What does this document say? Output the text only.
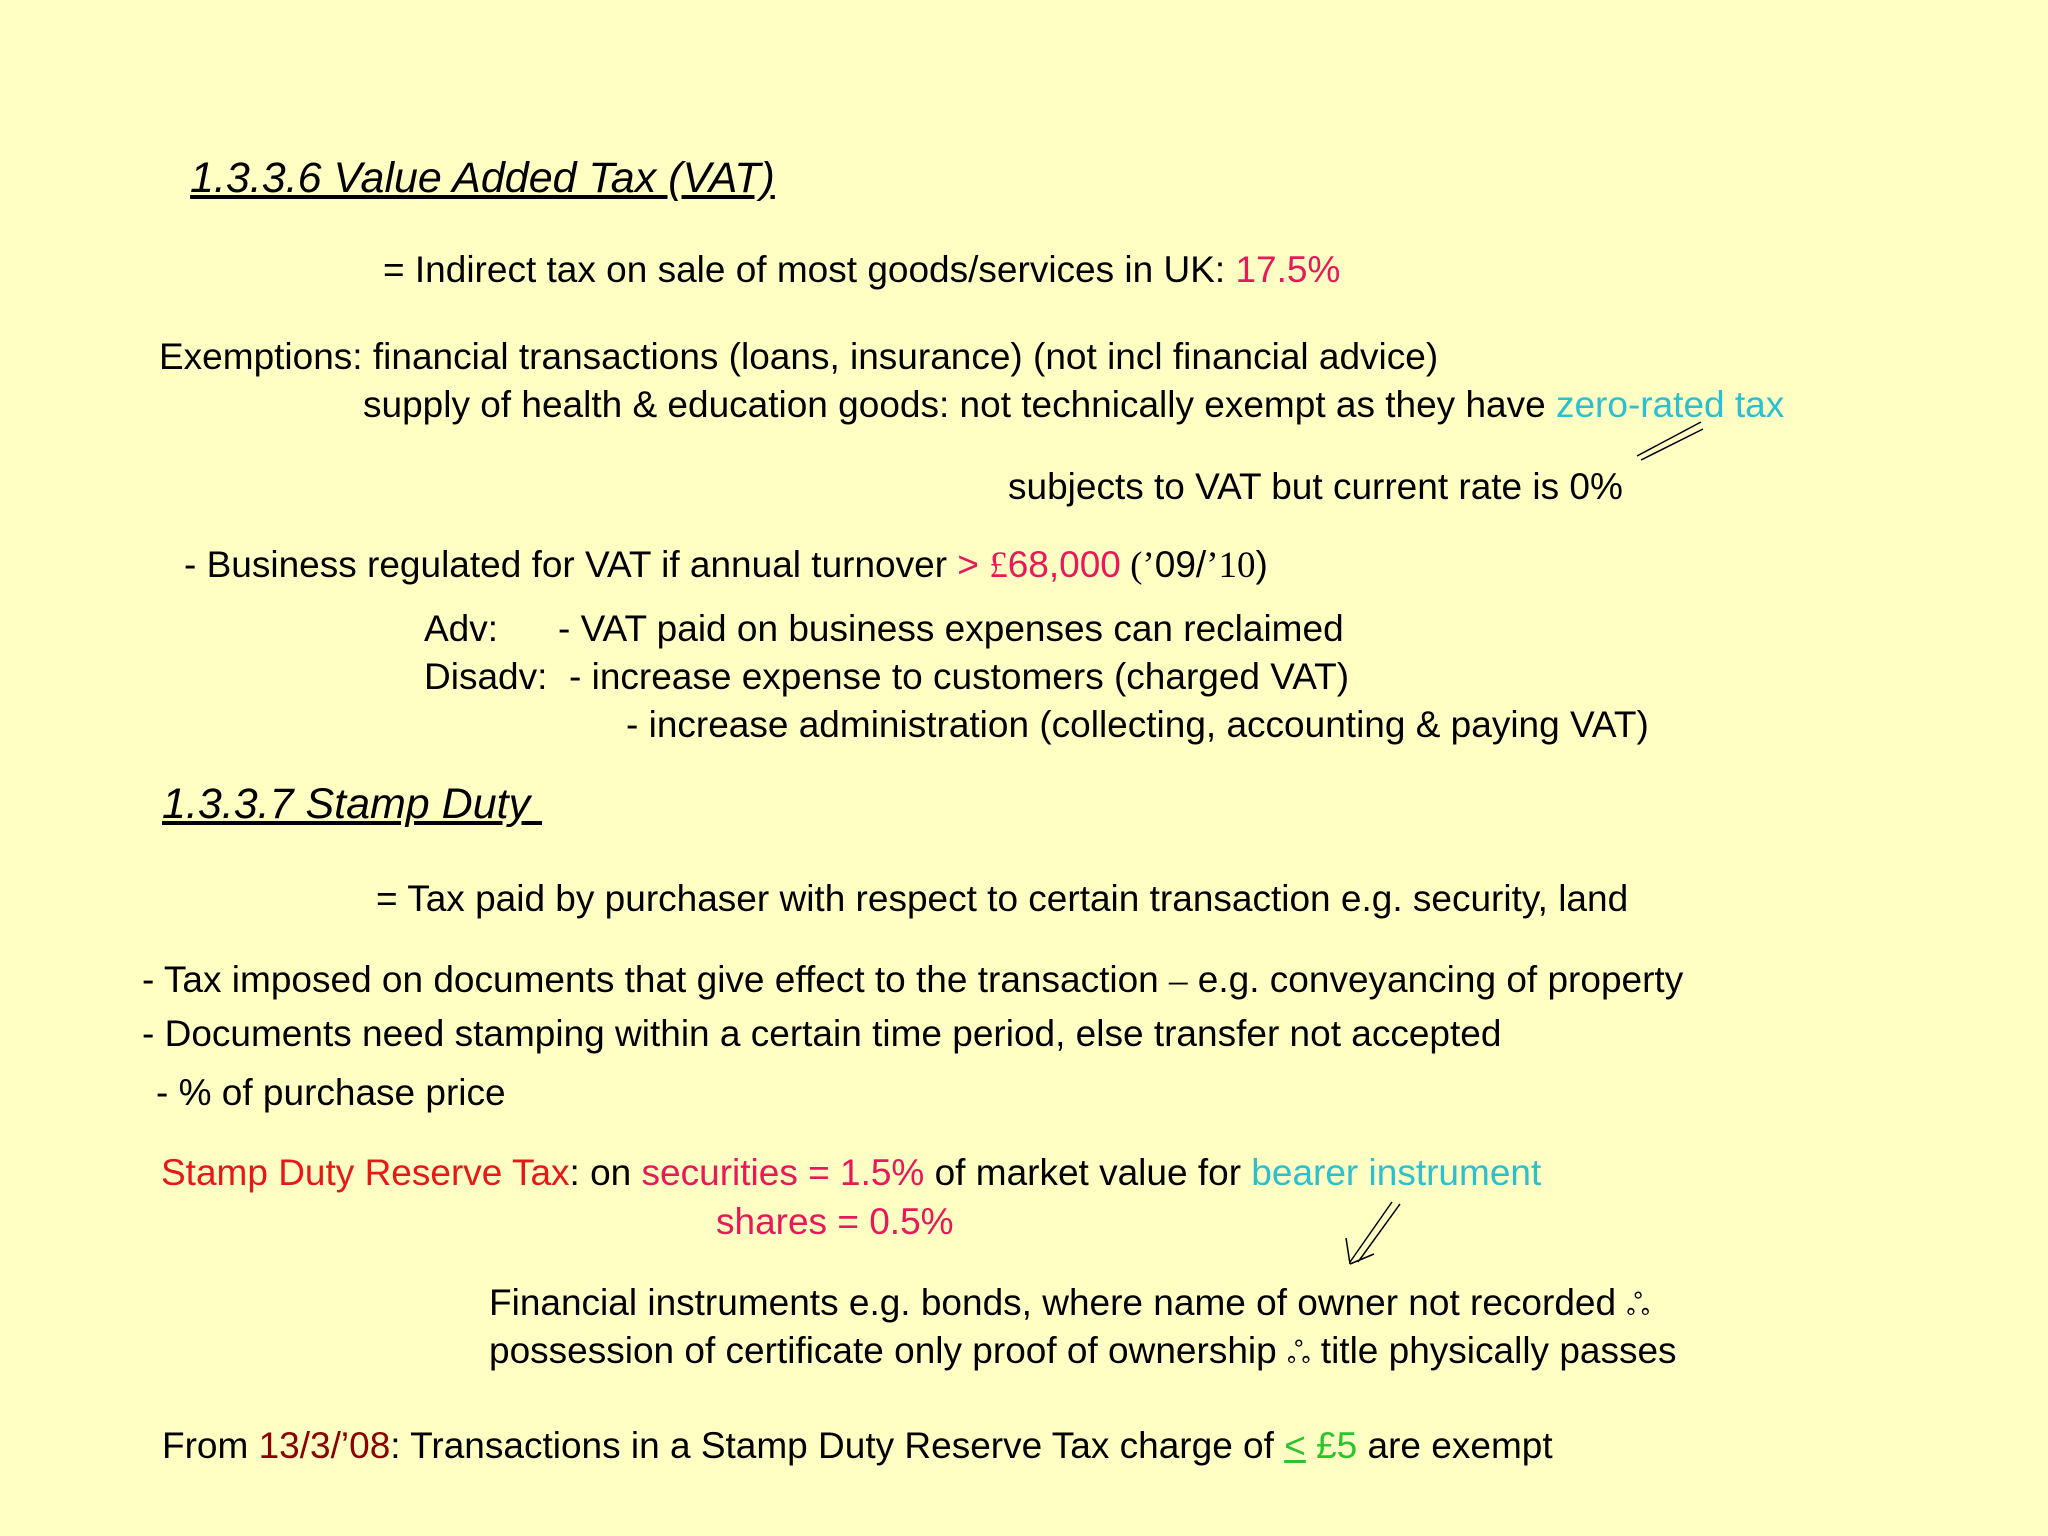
1.3.3.6 Value Added Tax (VAT)
= Indirect tax on sale of most goods/services in UK: 17.5%
Exemptions: financial transactions (loans, insurance) (not incl financial advice)
supply of health & education goods: not technically exempt as they have zero-rated tax
subjects to VAT but current rate is 0%
- Business regulated for VAT if annual turnover > £68,000 (’09/’10)
Adv: - VAT paid on business expenses can reclaimed
Disadv: - increase expense to customers (charged VAT)
- increase administration (collecting, accounting & paying VAT)
1.3.3.7 Stamp Duty
= Tax paid by purchaser with respect to certain transaction e.g. security, land
- Tax imposed on documents that give effect to the transaction – e.g. conveyancing of property
- Documents need stamping within a certain time period, else transfer not accepted
- % of purchase price
Stamp Duty Reserve Tax: on securities = 1.5% of market value for bearer instrument
shares = 0.5%
Financial instruments e.g. bonds, where name of owner not recorded ஃ
possession of certificate only proof of ownership ஃ title physically passes
From 13/3/’08: Transactions in a Stamp Duty Reserve Tax charge of < £5 are exempt
